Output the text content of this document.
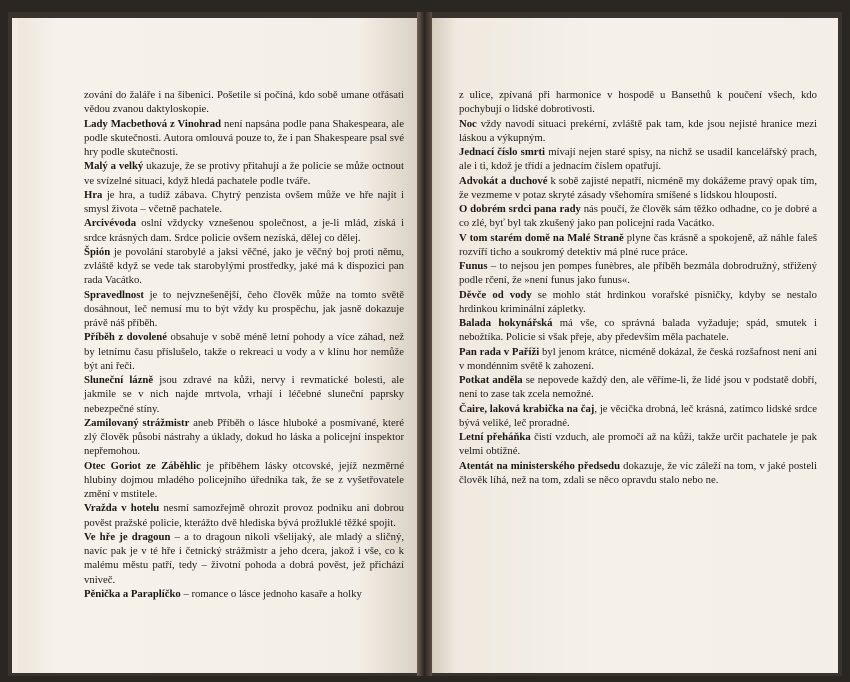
zování do žaláře i na šibenici. Pošetile si počíná, kdo sobě umane otřásati vědou zvanou daktyloskopie.

Lady Macbethová z Vinohrad není napsána podle pana Shakespeara, ale podle skutečnosti. Autora omlouvá pouze to, že i pan Shakespeare psal své hry podle skutečnosti.

Malý a velký ukazuje, že se protivy přitahují a že policie se může octnout ve svízelné situaci, když hledá pachatele podle tváře.

Hra je hra, a tudíž zábava. Chytrý penzista ovšem může ve hře najít i smysl života – včetně pachatele.

Arcivévoda oslní vždycky vznešenou společnost, a je-li mlád, získá i srdce krásných dam. Srdce policie ovšem nezíská, dělej co dělej.

Špión je povolání starobylé a jaksi věčné, jako je věčný boj proti němu, zvláště když se vede tak starobylými prostředky, jaké má k dispozici pan rada Vacátko.

Spravedlnost je to nejvznešenější, čeho člověk může na tomto světě dosáhnout, leč nemusí mu to být vždy ku prospěchu, jak jasně dokazuje právě náš příběh.

Příběh z dovolené obsahuje v sobě méně letní pohody a více záhad, než by letnímu času příslušelo, takže o rekreaci u vody a v klínu hor nemůže být ani řeči.

Sluneční lázně jsou zdravé na kůži, nervy i revmatické bolesti, ale jakmile se v nich najde mrtvola, vrhají i léčebné sluneční paprsky nebezpečné stíny.

Zamilovaný strážmistr aneb Příběh o lásce hluboké a posmívané, které zlý člověk působí nástrahy a úklady, dokud ho láska a policejní inspektor nepřemohou.

Otec Goriot ze Záběhlic je příběhem lásky otcovské, jejíž nezměrné hlubiny dojmou mladého policejního úředníka tak, že se z vyšetřovatele změní v mstitele.

Vražda v hotelu nesmí samozřejmě ohrozit provoz podniku ani dobrou pověst pražské policie, kterážto dvě hlediska bývá prožluklé těžké spojit.

Ve hře je dragoun – a to dragoun nikoli všelijaký, ale mladý a sličný, navíc pak je v té hře i četnický strážmistr a jeho dcera, jakož i vše, co k malému městu patří, tedy – životní pohoda a dobrá pověst, jež přichází vniveč.

Pěnička a Paraplíčko – romance o lásce jednoho kasaře a holky

z ulice, zpívaná při harmonice v hospodě u Bansethů k poučení všech, kdo pochybují o lidské dobrotivosti.

Noc vždy navodí situaci prekérní, zvláště pak tam, kde jsou nejisté hranice mezi láskou a výkupným.

Jednací číslo smrti mívají nejen staré spisy, na nichž se usadil kancelářský prach, ale i ti, kdož je třídí a jednacím číslem opatřují.

Advokát a duchové k sobě zajisté nepatří, nicméně my dokážeme pravý opak tím, že vezmeme v potaz skryté zásady všehomíra smíšené s lidskou hloupostí.

O dobrém srdci pana rady nás poučí, že člověk sám těžko odhadne, co je dobré a co zlé, byť byl tak zkušený jako pan policejní rada Vacátko.

V tom starém domě na Malé Straně plyne čas krásně a spokojeně, až náhle faleš rozvíří ticho a soukromý detektiv má plné ruce práce.

Funus – to nejsou jen pompes funèbres, ale příběh bezmála dobrodružný, střižený podle rčení, že »není funus jako funus«.

Děvče od vody se mohlo stát hrdinkou vorařské písničky, kdyby se nestalo hrdinkou kriminální zápletky.

Balada hokynářská má vše, co správná balada vyžaduje; spád, smutek i nebožtíka. Policie si však přeje, aby především měla pachatele.

Pan rada v Paříži byl jenom krátce, nicméně dokázal, že česká rozšafnost není ani v mondénním světě k zahození.

Potkat anděla se nepovede každý den, ale věříme-li, že lidé jsou v podstatě dobří, není to zase tak zcela nemožné.

Čaire, laková krabička na čaj, je věcička drobná, leč krásná, zatímco lidské srdce bývá veliké, leč proradné.

Letní přeháňka čistí vzduch, ale promočí až na kůži, takže určit pachatele je pak velmi obtížné.

Atentát na ministerského předsedu dokazuje, že víc záleží na tom, v jaké posteli člověk líhá, než na tom, zdali se něco opravdu stalo nebo ne.
